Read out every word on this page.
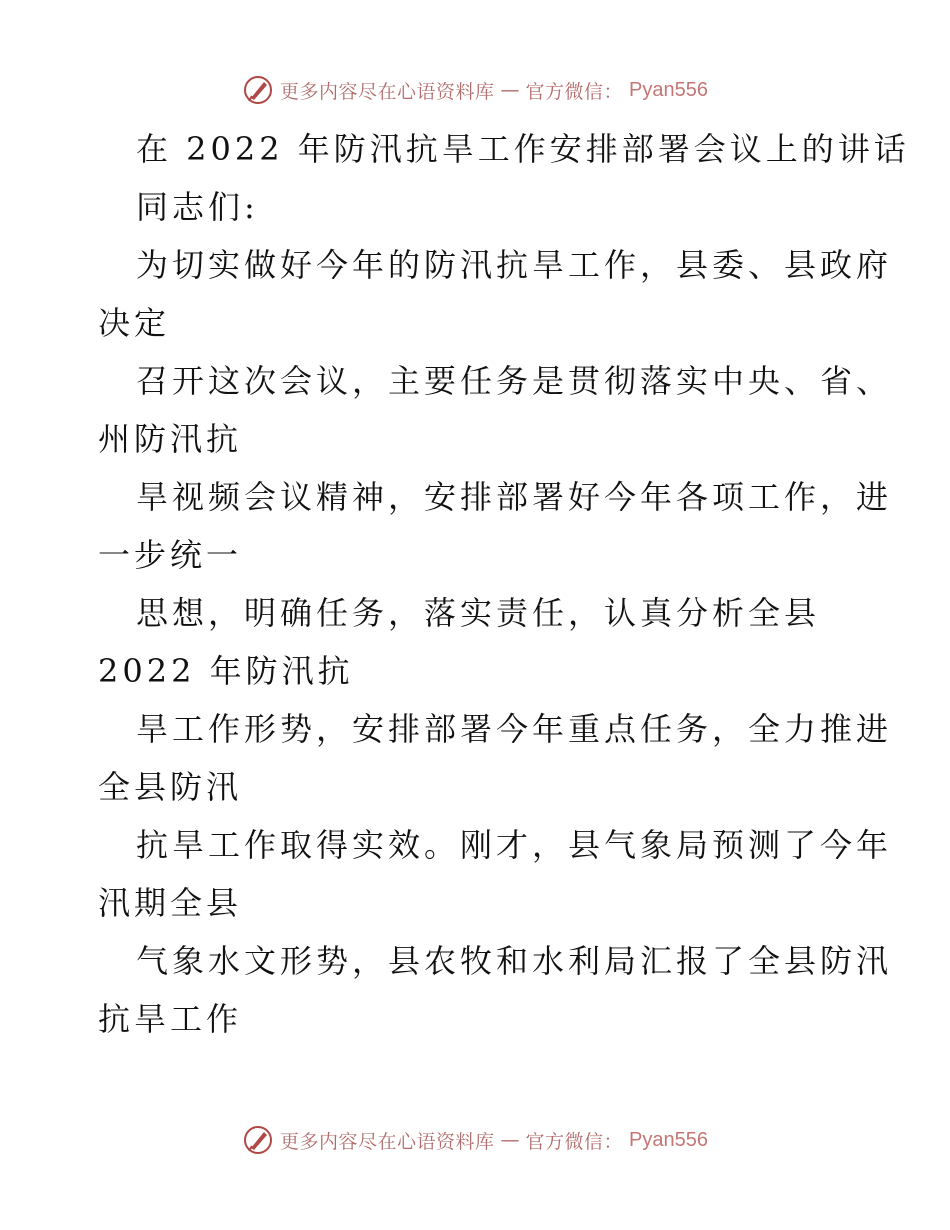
更多内容尽在心语资料库 — 官方微信： Pyan556
在 2022 年防汛抗旱工作安排部署会议上的讲话
同志们:
为切实做好今年的防汛抗旱工作，县委、县政府
决定
召开这次会议，主要任务是贯彻落实中央、省、
州防汛抗
旱视频会议精神，安排部署好今年各项工作，进
一步统一
思想，明确任务，落实责任，认真分析全县
2022 年防汛抗
旱工作形势，安排部署今年重点任务，全力推进
全县防汛
抗旱工作取得实效。刚才，县气象局预测了今年
汛期全县
气象水文形势，县农牧和水利局汇报了全县防汛
抗旱工作
更多内容尽在心语资料库 — 官方微信： Pyan556
